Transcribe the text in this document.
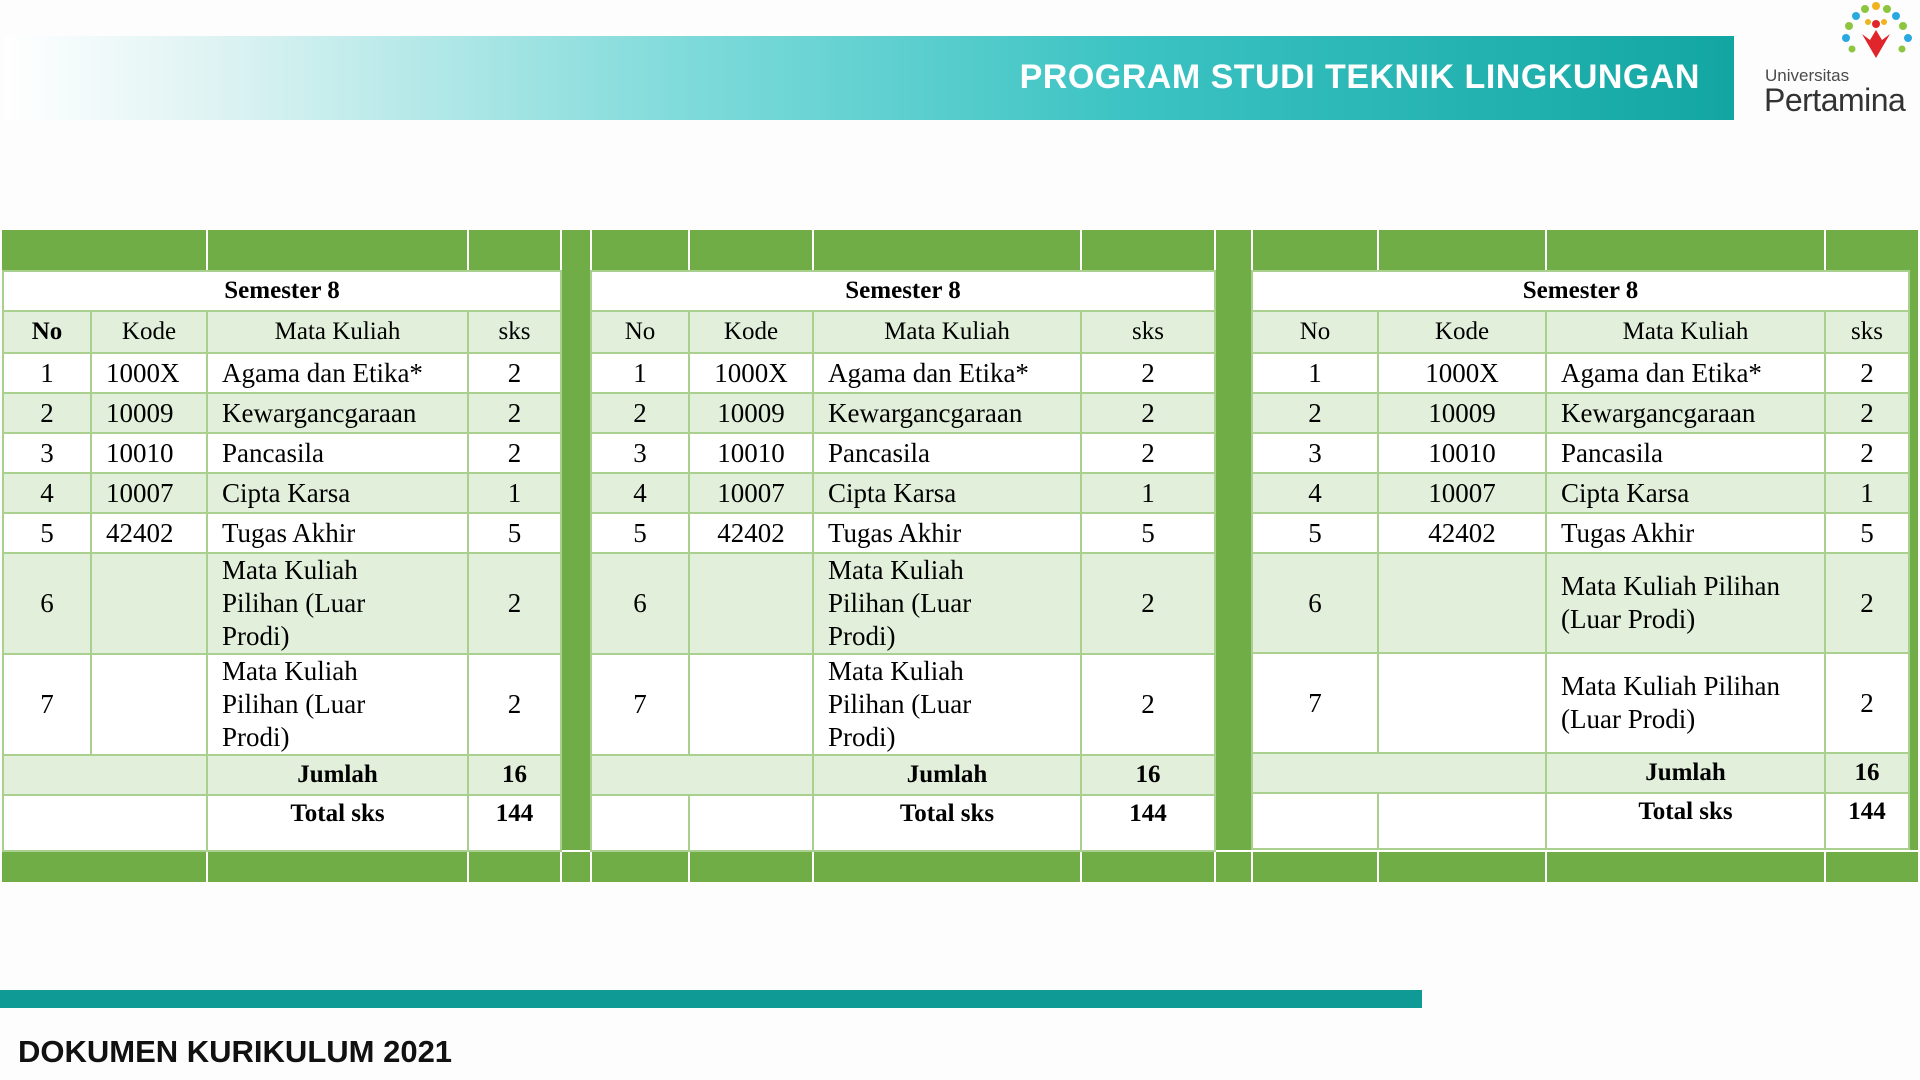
PROGRAM STUDI TEKNIK LINGKUNGAN	Universitas
Pertamina
Semester 8			
No	Kode	Mata Kuliah	sks
1	1000X	Agama dan Etika*	2
2	10009	Kewargancgaraan	2
3	10010	Pancasila	2
4	10007	Cipta Karsa	1
5	42402	Tugas Akhir	5
6		Mata Kuliah Pilihan (Luar Prodi)	2
7		Mata Kuliah Pilihan (Luar Prodi)	2
		Jumlah	16
		Total sks	144
Semester 8			
No	Kode	Mata Kuliah	sks
1	1000X	Agama dan Etika*	2
2	10009	Kewargancgaraan	2
3	10010	Pancasila	2
4	10007	Cipta Karsa	1
5	42402	Tugas Akhir	5
6		Mata Kuliah Pilihan (Luar Prodi)	2
7		Mata Kuliah Pilihan (Luar Prodi)	2
		Jumlah	16
		Total sks	144
Semester 8			
No	Kode	Mata Kuliah	sks
1	1000X	Agama dan Etika*	2
2	10009	Kewargancgaraan	2
3	10010	Pancasila	2
4	10007	Cipta Karsa	1
5	42402	Tugas Akhir	5
6		Mata Kuliah Pilihan (Luar Prodi)	2
7		Mata Kuliah Pilihan (Luar Prodi)	2
		Jumlah	16
		Total sks	144
DOKUMEN KURIKULUM 2021
